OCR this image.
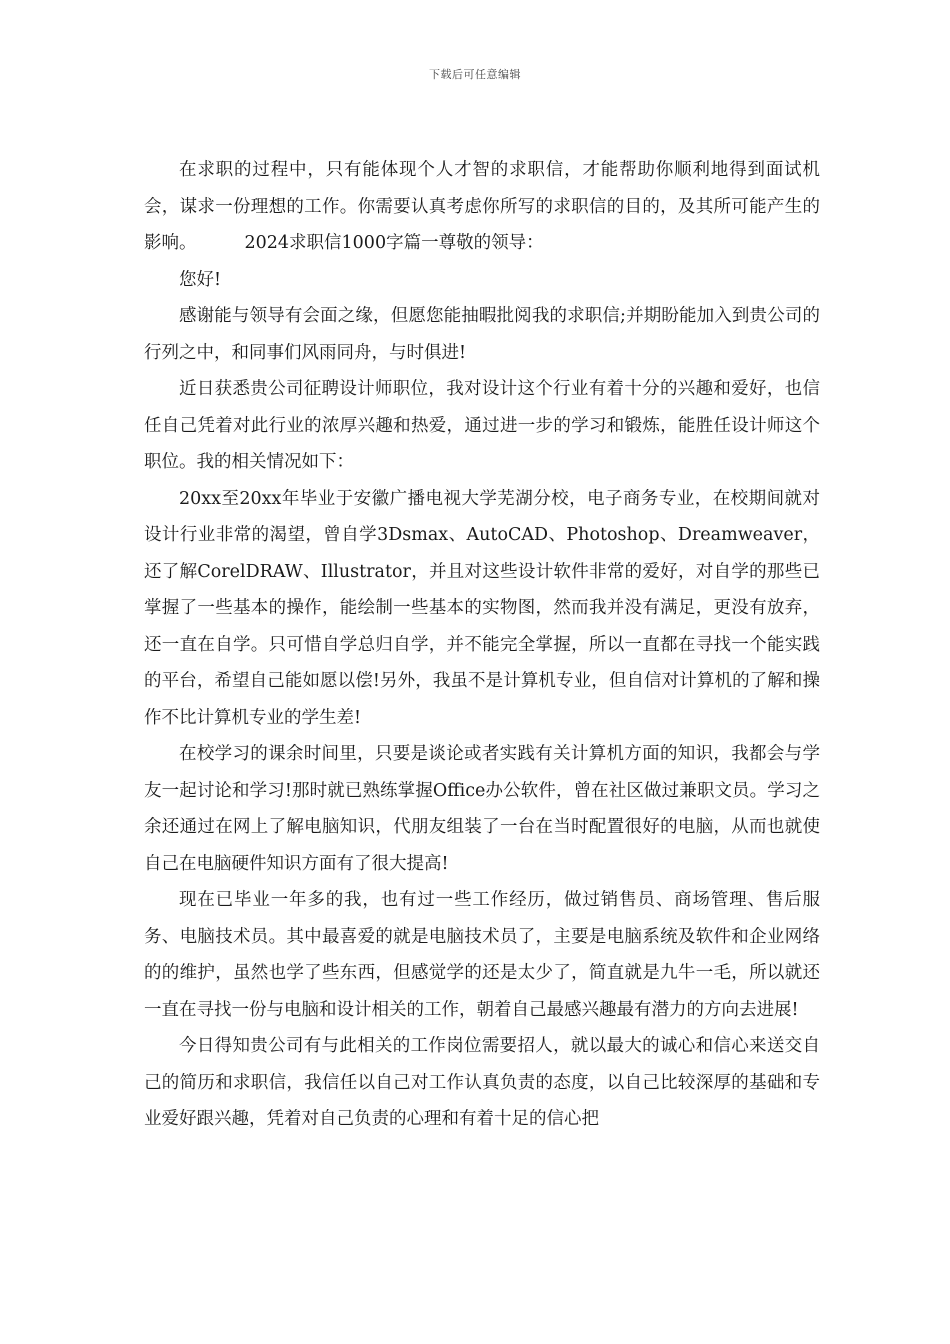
下载后可任意编辑

在求职的过程中，只有能体现个人才智的求职信，才能帮助你顺利地得到面试机会，谋求一份理想的工作。你需要认真考虑你所写的求职信的目的，及其所可能产生的影响。	2024求职信1000字篇一尊敬的领导：

您好!

感谢能与领导有会面之缘，但愿您能抽暇批阅我的求职信;并期盼能加入到贵公司的行列之中，和同事们风雨同舟，与时俱进!

近日获悉贵公司征聘设计师职位，我对设计这个行业有着十分的兴趣和爱好，也信任自己凭着对此行业的浓厚兴趣和热爱，通过进一步的学习和锻炼，能胜任设计师这个职位。我的相关情况如下：

20xx至20xx年毕业于安徽广播电视大学芜湖分校，电子商务专业，在校期间就对设计行业非常的渴望，曾自学3Dsmax、AutoCAD、Photoshop、Dreamweaver，还了解CorelDRAW、Illustrator，并且对这些设计软件非常的爱好，对自学的那些已掌握了一些基本的操作，能绘制一些基本的实物图，然而我并没有满足，更没有放弃，还一直在自学。只可惜自学总归自学，并不能完全掌握，所以一直都在寻找一个能实践的平台，希望自己能如愿以偿!另外，我虽不是计算机专业，但自信对计算机的了解和操作不比计算机专业的学生差!

在校学习的课余时间里，只要是谈论或者实践有关计算机方面的知识，我都会与学友一起讨论和学习!那时就已熟练掌握Office办公软件，曾在社区做过兼职文员。学习之余还通过在网上了解电脑知识，代朋友组装了一台在当时配置很好的电脑，从而也就使自己在电脑硬件知识方面有了很大提高!

现在已毕业一年多的我，也有过一些工作经历，做过销售员、商场管理、售后服务、电脑技术员。其中最喜爱的就是电脑技术员了，主要是电脑系统及软件和企业网络的的维护，虽然也学了些东西，但感觉学的还是太少了，简直就是九牛一毛，所以就还一直在寻找一份与电脑和设计相关的工作，朝着自己最感兴趣最有潜力的方向去进展!

今日得知贵公司有与此相关的工作岗位需要招人，就以最大的诚心和信心来送交自己的简历和求职信，我信任以自己对工作认真负责的态度，以自己比较深厚的基础和专业爱好跟兴趣，凭着对自己负责的心理和有着十足的信心把
